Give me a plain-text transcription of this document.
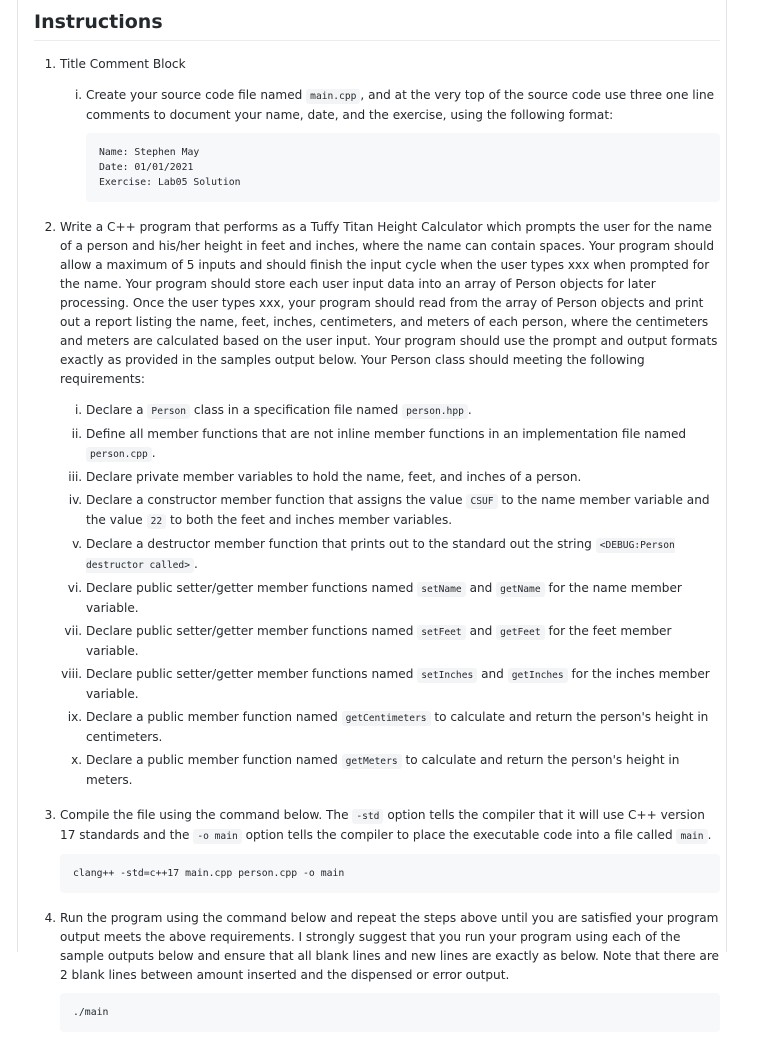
Instructions
1. Title Comment Block
i. Create your source code file named main.cpp , and at the very top of the source code use three one line comments to document your name, date, and the exercise, using the following format:
Name: Stephen May
Date: 01/01/2021
Exercise: Lab05 Solution
2. Write a C++ program that performs as a Tuffy Titan Height Calculator which prompts the user for the name of a person and his/her height in feet and inches, where the name can contain spaces. Your program should allow a maximum of 5 inputs and should finish the input cycle when the user types xxx when prompted for the name. Your program should store each user input data into an array of Person objects for later processing. Once the user types xxx, your program should read from the array of Person objects and print out a report listing the name, feet, inches, centimeters, and meters of each person, where the centimeters and meters are calculated based on the user input. Your program should use the prompt and output formats exactly as provided in the samples output below. Your Person class should meeting the following requirements:
i. Declare a Person class in a specification file named person.hpp .
ii. Define all member functions that are not inline member functions in an implementation file named person.cpp .
iii. Declare private member variables to hold the name, feet, and inches of a person.
iv. Declare a constructor member function that assigns the value CSUF to the name member variable and the value 22 to both the feet and inches member variables.
v. Declare a destructor member function that prints out to the standard out the string <DEBUG:Person destructor called> .
vi. Declare public setter/getter member functions named setName and getName for the name member variable.
vii. Declare public setter/getter member functions named setFeet and getFeet for the feet member variable.
viii. Declare public setter/getter member functions named setInches and getInches for the inches member variable.
ix. Declare a public member function named getCentimeters to calculate and return the person's height in centimeters.
x. Declare a public member function named getMeters to calculate and return the person's height in meters.
3. Compile the file using the command below. The -std option tells the compiler that it will use C++ version 17 standards and the -o main option tells the compiler to place the executable code into a file called main .
clang++ -std=c++17 main.cpp person.cpp -o main
4. Run the program using the command below and repeat the steps above until you are satisfied your program output meets the above requirements. I strongly suggest that you run your program using each of the sample outputs below and ensure that all blank lines and new lines are exactly as below. Note that there are 2 blank lines between amount inserted and the dispensed or error output.
./main
